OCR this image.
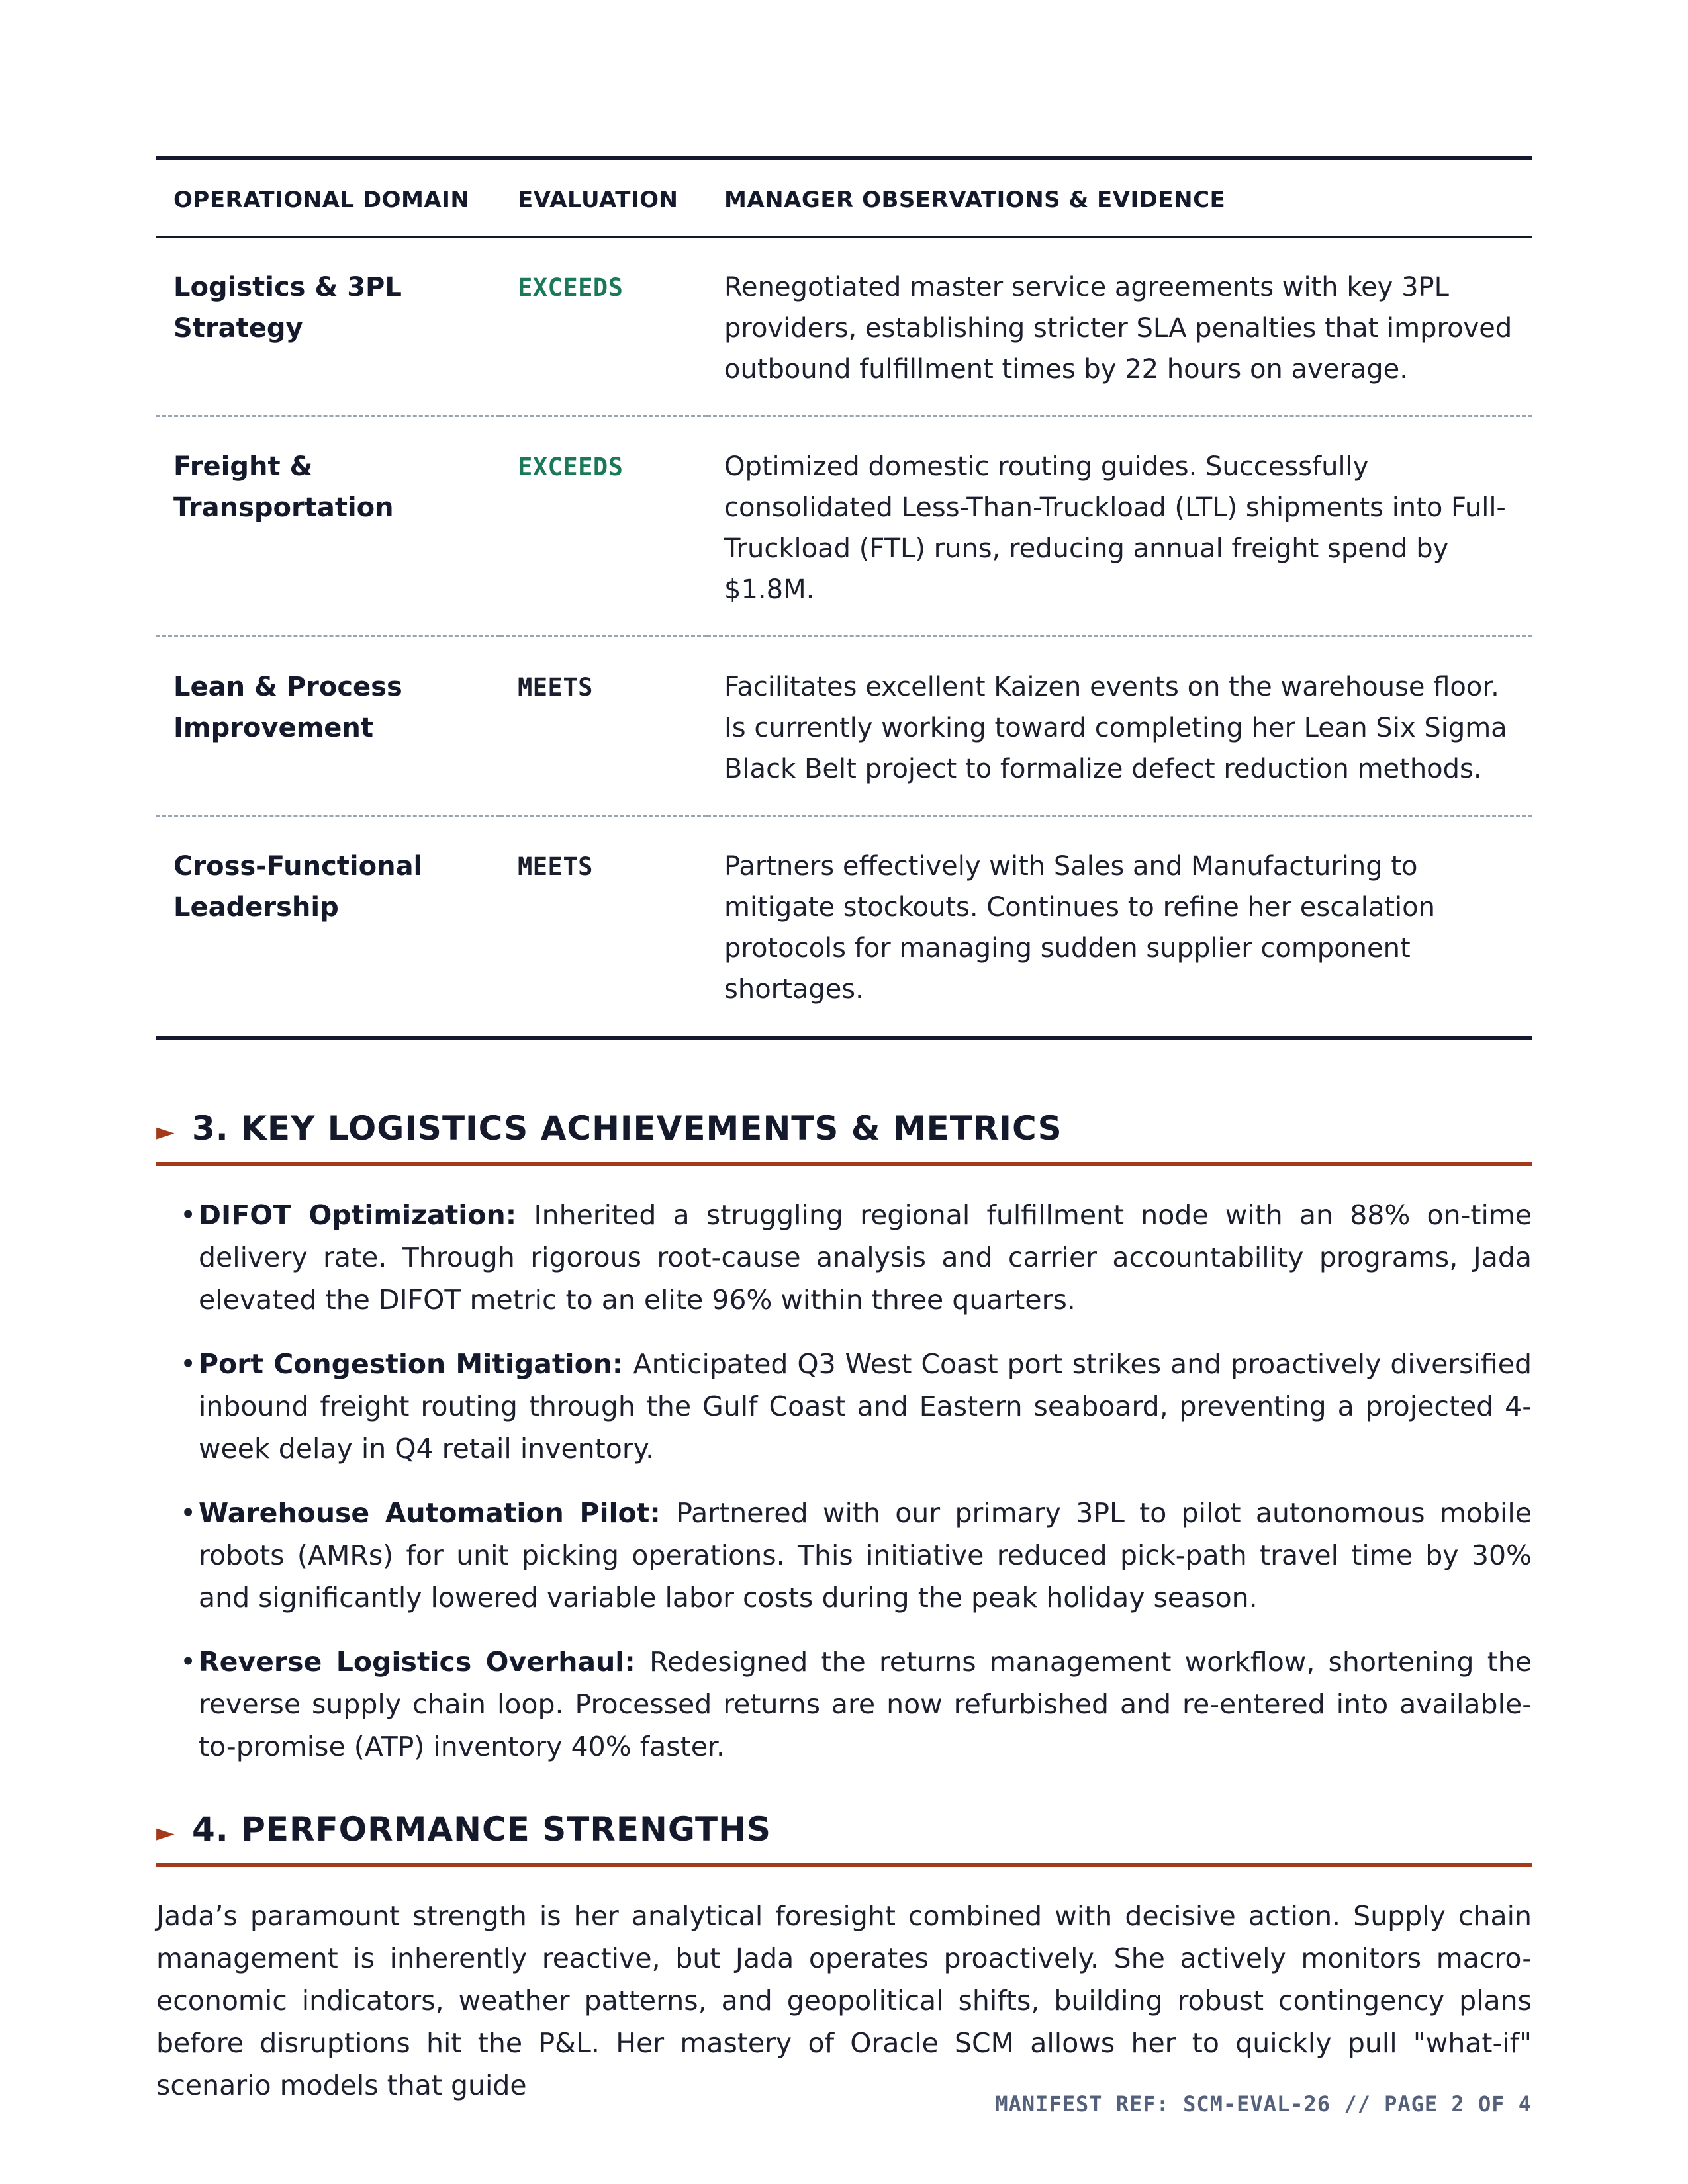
OPERATIONAL DOMAIN	EVALUATION	MANAGER OBSERVATIONS & EVIDENCE
Logistics & 3PL Strategy	EXCEEDS	Renegotiated master service agreements with key 3PL providers, establishing stricter SLA penalties that improved outbound fulfillment times by 22 hours on average.
Freight & Transportation	EXCEEDS	Optimized domestic routing guides. Successfully consolidated Less-Than-Truckload (LTL) shipments into Full-Truckload (FTL) runs, reducing annual freight spend by $1.8M.
Lean & Process Improvement	MEETS	Facilitates excellent Kaizen events on the warehouse floor. Is currently working toward completing her Lean Six Sigma Black Belt project to formalize defect reduction methods.
Cross-Functional Leadership	MEETS	Partners effectively with Sales and Manufacturing to mitigate stockouts. Continues to refine her escalation protocols for managing sudden supplier component shortages.
► 3. KEY LOGISTICS ACHIEVEMENTS & METRICS
• DIFOT Optimization: Inherited a struggling regional fulfillment node with an 88% on-time delivery rate. Through rigorous root-cause analysis and carrier accountability programs, Jada elevated the DIFOT metric to an elite 96% within three quarters.
• Port Congestion Mitigation: Anticipated Q3 West Coast port strikes and proactively diversified inbound freight routing through the Gulf Coast and Eastern seaboard, preventing a projected 4-week delay in Q4 retail inventory.
• Warehouse Automation Pilot: Partnered with our primary 3PL to pilot autonomous mobile robots (AMRs) for unit picking operations. This initiative reduced pick-path travel time by 30% and significantly lowered variable labor costs during the peak holiday season.
• Reverse Logistics Overhaul: Redesigned the returns management workflow, shortening the reverse supply chain loop. Processed returns are now refurbished and re-entered into available-to-promise (ATP) inventory 40% faster.
► 4. PERFORMANCE STRENGTHS

Jada’s paramount strength is her analytical foresight combined with decisive action. Supply chain management is inherently reactive, but Jada operates proactively. She actively monitors macro-economic indicators, weather patterns, and geopolitical shifts, building robust contingency plans before disruptions hit the P&L. Her mastery of Oracle SCM allows her to quickly pull "what-if" scenario models that guide

MANIFEST REF: SCM-EVAL-26 // PAGE 2 OF 4
